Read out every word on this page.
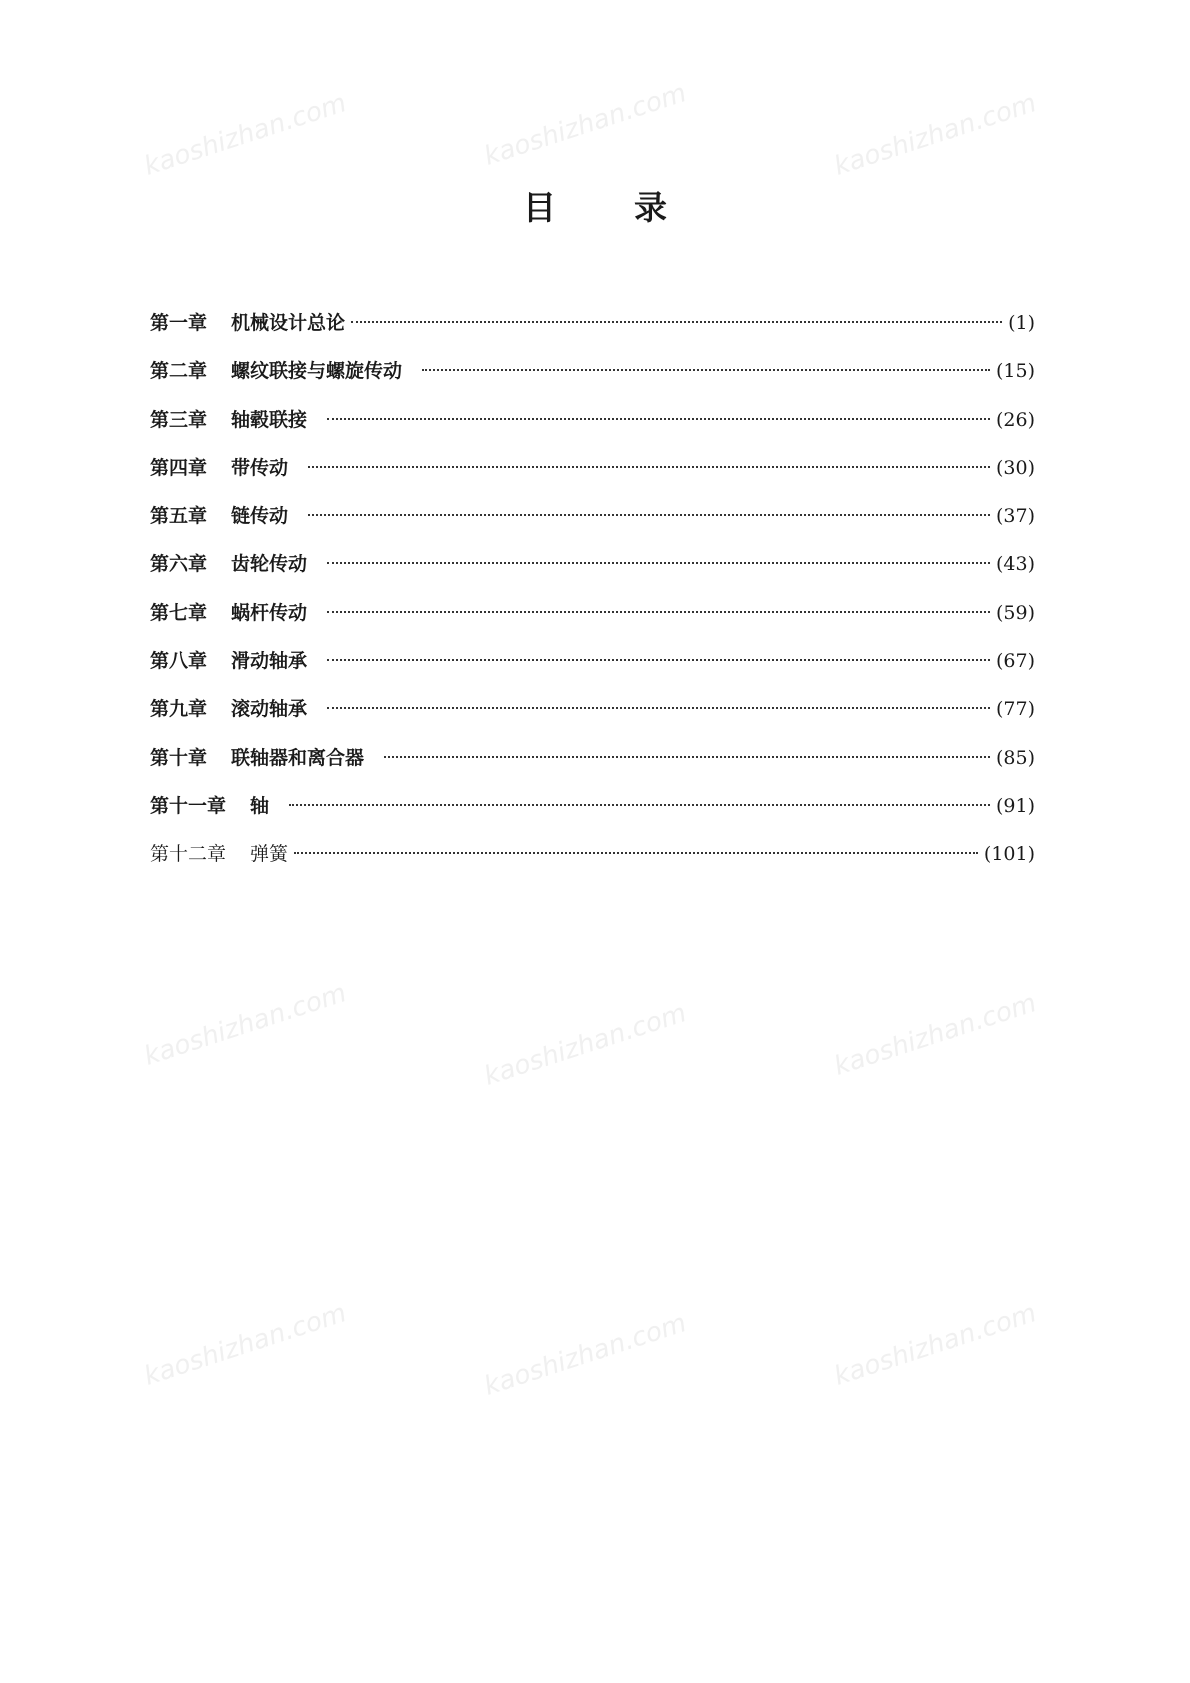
kaoshizhan.com	kaoshizhan.com	kaoshizhan.com
kaoshizhan.com	kaoshizhan.com	kaoshizhan.com
kaoshizhan.com	kaoshizhan.com	kaoshizhan.com
目 录
第一章 机械设计总论	(1)
第二章 螺纹联接与螺旋传动	(15)
第三章 轴毂联接	(26)
第四章 带传动	(30)
第五章 链传动	(37)
第六章 齿轮传动	(43)
第七章 蜗杆传动	(59)
第八章 滑动轴承	(67)
第九章 滚动轴承	(77)
第十章 联轴器和离合器	(85)
第十一章 轴	(91)
第十二章 弹簧	(101)
